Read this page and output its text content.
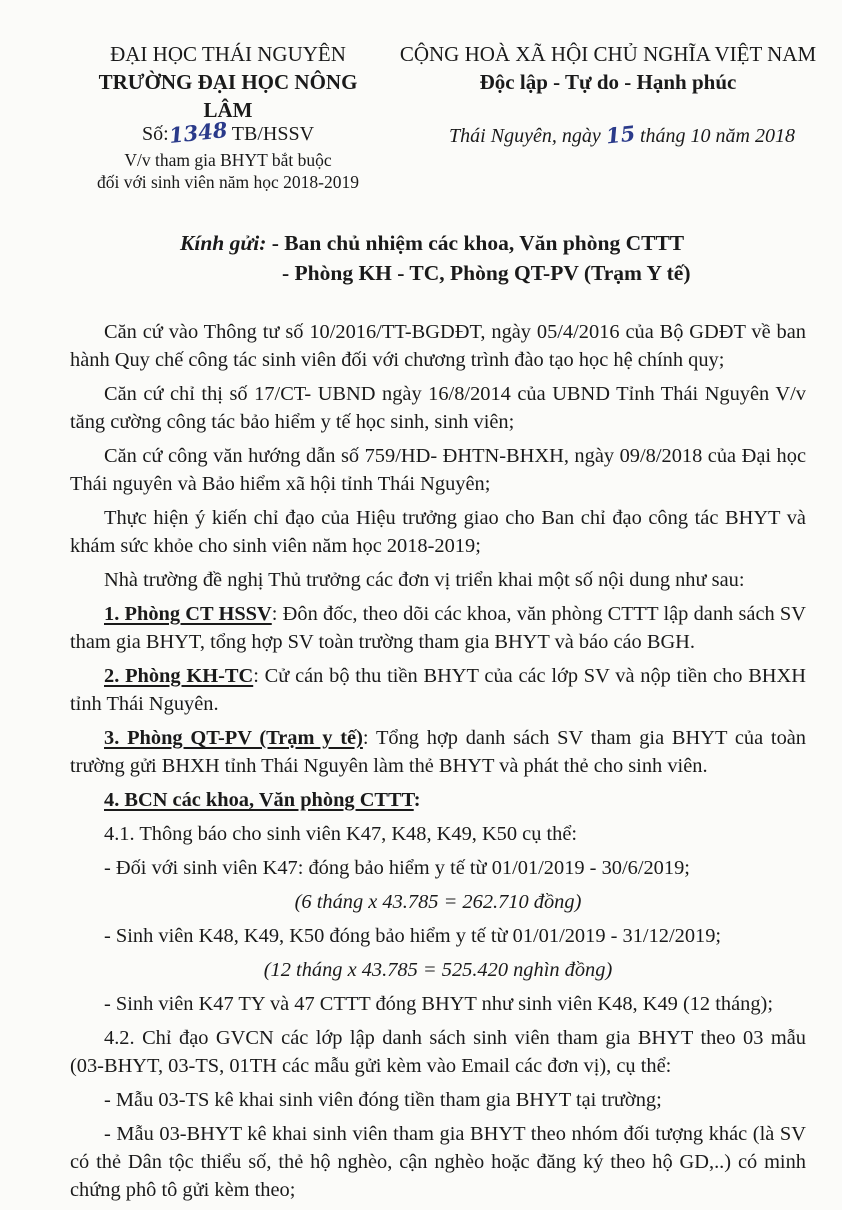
ĐẠI HỌC THÁI NGUYÊN
TRƯỜNG ĐẠI HỌC NÔNG LÂM
CỘNG HOÀ XÃ HỘI CHỦ NGHĨA VIỆT NAM
Độc lập - Tự do - Hạnh phúc
Số:1348 TB/HSSV
V/v tham gia BHYT bắt buộc
đối với sinh viên năm học 2018-2019
Thái Nguyên, ngày 15 tháng 10 năm 2018
Kính gửi: - Ban chủ nhiệm các khoa, Văn phòng CTTT
- Phòng KH - TC, Phòng QT-PV (Trạm Y tế)

Căn cứ vào Thông tư số 10/2016/TT-BGDĐT, ngày 05/4/2016 của Bộ GDĐT về ban hành Quy chế công tác sinh viên đối với chương trình đào tạo học hệ chính quy;

Căn cứ chỉ thị số 17/CT- UBND ngày 16/8/2014 của UBND Tỉnh Thái Nguyên V/v tăng cường công tác bảo hiểm y tế học sinh, sinh viên;

Căn cứ công văn hướng dẫn số 759/HD- ĐHTN-BHXH, ngày 09/8/2018 của Đại học Thái nguyên và Bảo hiểm xã hội tỉnh Thái Nguyên;

Thực hiện ý kiến chỉ đạo của Hiệu trưởng giao cho Ban chỉ đạo công tác BHYT và khám sức khỏe cho sinh viên năm học 2018-2019;

Nhà trường đề nghị Thủ trưởng các đơn vị triển khai một số nội dung như sau:

1. Phòng CT HSSV: Đôn đốc, theo dõi các khoa, văn phòng CTTT lập danh sách SV tham gia BHYT, tổng hợp SV toàn trường tham gia BHYT và báo cáo BGH.

2. Phòng KH-TC: Cử cán bộ thu tiền BHYT của các lớp SV và nộp tiền cho BHXH tỉnh Thái Nguyên.

3. Phòng QT-PV (Trạm y tế): Tổng hợp danh sách SV tham gia BHYT của toàn trường gửi BHXH tỉnh Thái Nguyên làm thẻ BHYT và phát thẻ cho sinh viên.

4. BCN các khoa, Văn phòng CTTT:

4.1. Thông báo cho sinh viên K47, K48, K49, K50 cụ thể:

- Đối với sinh viên K47: đóng bảo hiểm y tế từ 01/01/2019 - 30/6/2019;

(6 tháng x 43.785 = 262.710 đồng)

- Sinh viên K48, K49, K50 đóng bảo hiểm y tế từ 01/01/2019 - 31/12/2019;

(12 tháng x 43.785 = 525.420 nghìn đồng)

- Sinh viên K47 TY và 47 CTTT đóng BHYT như sinh viên K48, K49 (12 tháng);

4.2. Chỉ đạo GVCN các lớp lập danh sách sinh viên tham gia BHYT theo 03 mẫu (03-BHYT, 03-TS, 01TH các mẫu gửi kèm vào Email các đơn vị), cụ thể:

- Mẫu 03-TS kê khai sinh viên đóng tiền tham gia BHYT tại trường;

- Mẫu 03-BHYT kê khai sinh viên tham gia BHYT theo nhóm đối tượng khác (là SV có thẻ Dân tộc thiểu số, thẻ hộ nghèo, cận nghèo hoặc đăng ký theo hộ GD,..) có minh chứng phô tô gửi kèm theo;
